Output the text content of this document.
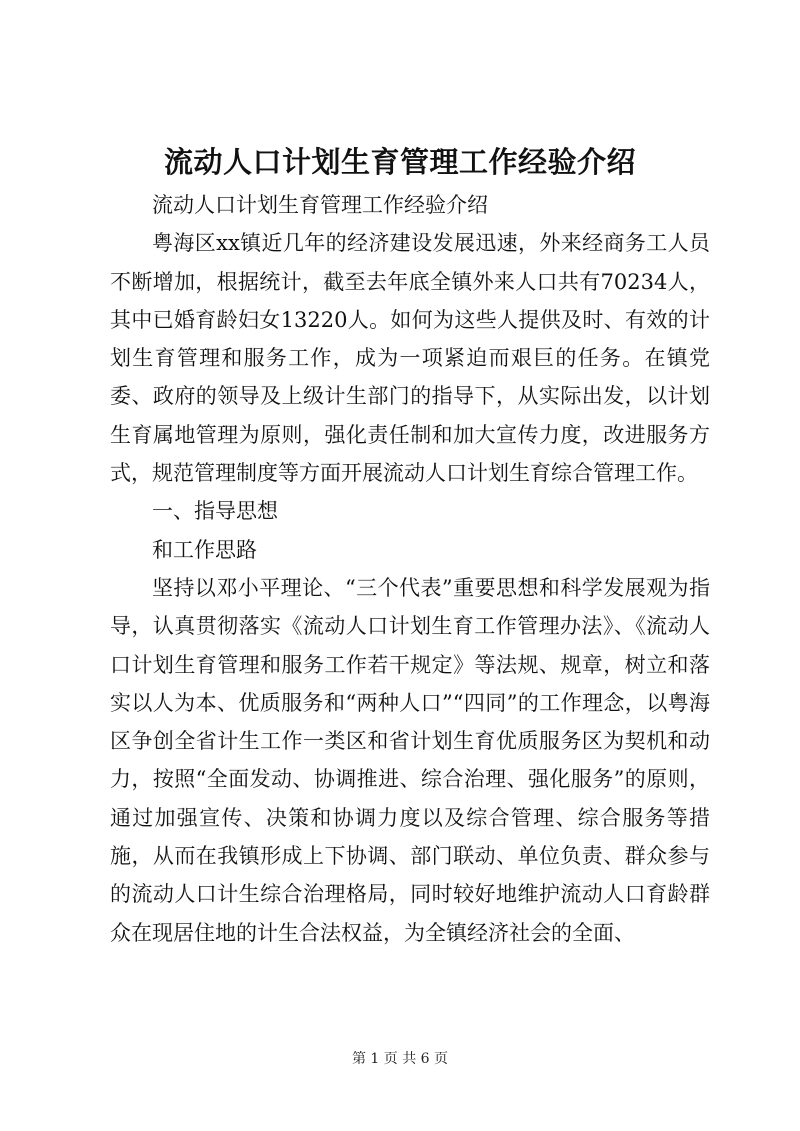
流动人口计划生育管理工作经验介绍

流动人口计划生育管理工作经验介绍

粤海区xx镇近几年的经济建设发展迅速，外来经商务工人员不断增加，根据统计，截至去年底全镇外来人口共有70234人，其中已婚育龄妇女13220人。如何为这些人提供及时、有效的计划生育管理和服务工作，成为一项紧迫而艰巨的任务。在镇党委、政府的领导及上级计生部门的指导下，从实际出发，以计划生育属地管理为原则，强化责任制和加大宣传力度，改进服务方式，规范管理制度等方面开展流动人口计划生育综合管理工作。

一、指导思想

和工作思路

坚持以邓小平理论、“三个代表”重要思想和科学发展观为指导，认真贯彻落实《流动人口计划生育工作管理办法》、《流动人口计划生育管理和服务工作若干规定》等法规、规章，树立和落实以人为本、优质服务和“两种人口”“四同”的工作理念，以粤海区争创全省计生工作一类区和省计划生育优质服务区为契机和动力，按照“全面发动、协调推进、综合治理、强化服务”的原则，通过加强宣传、决策和协调力度以及综合管理、综合服务等措施，从而在我镇形成上下协调、部门联动、单位负责、群众参与的流动人口计生综合治理格局，同时较好地维护流动人口育龄群众在现居住地的计生合法权益，为全镇经济社会的全面、

第 1 页 共 6 页
